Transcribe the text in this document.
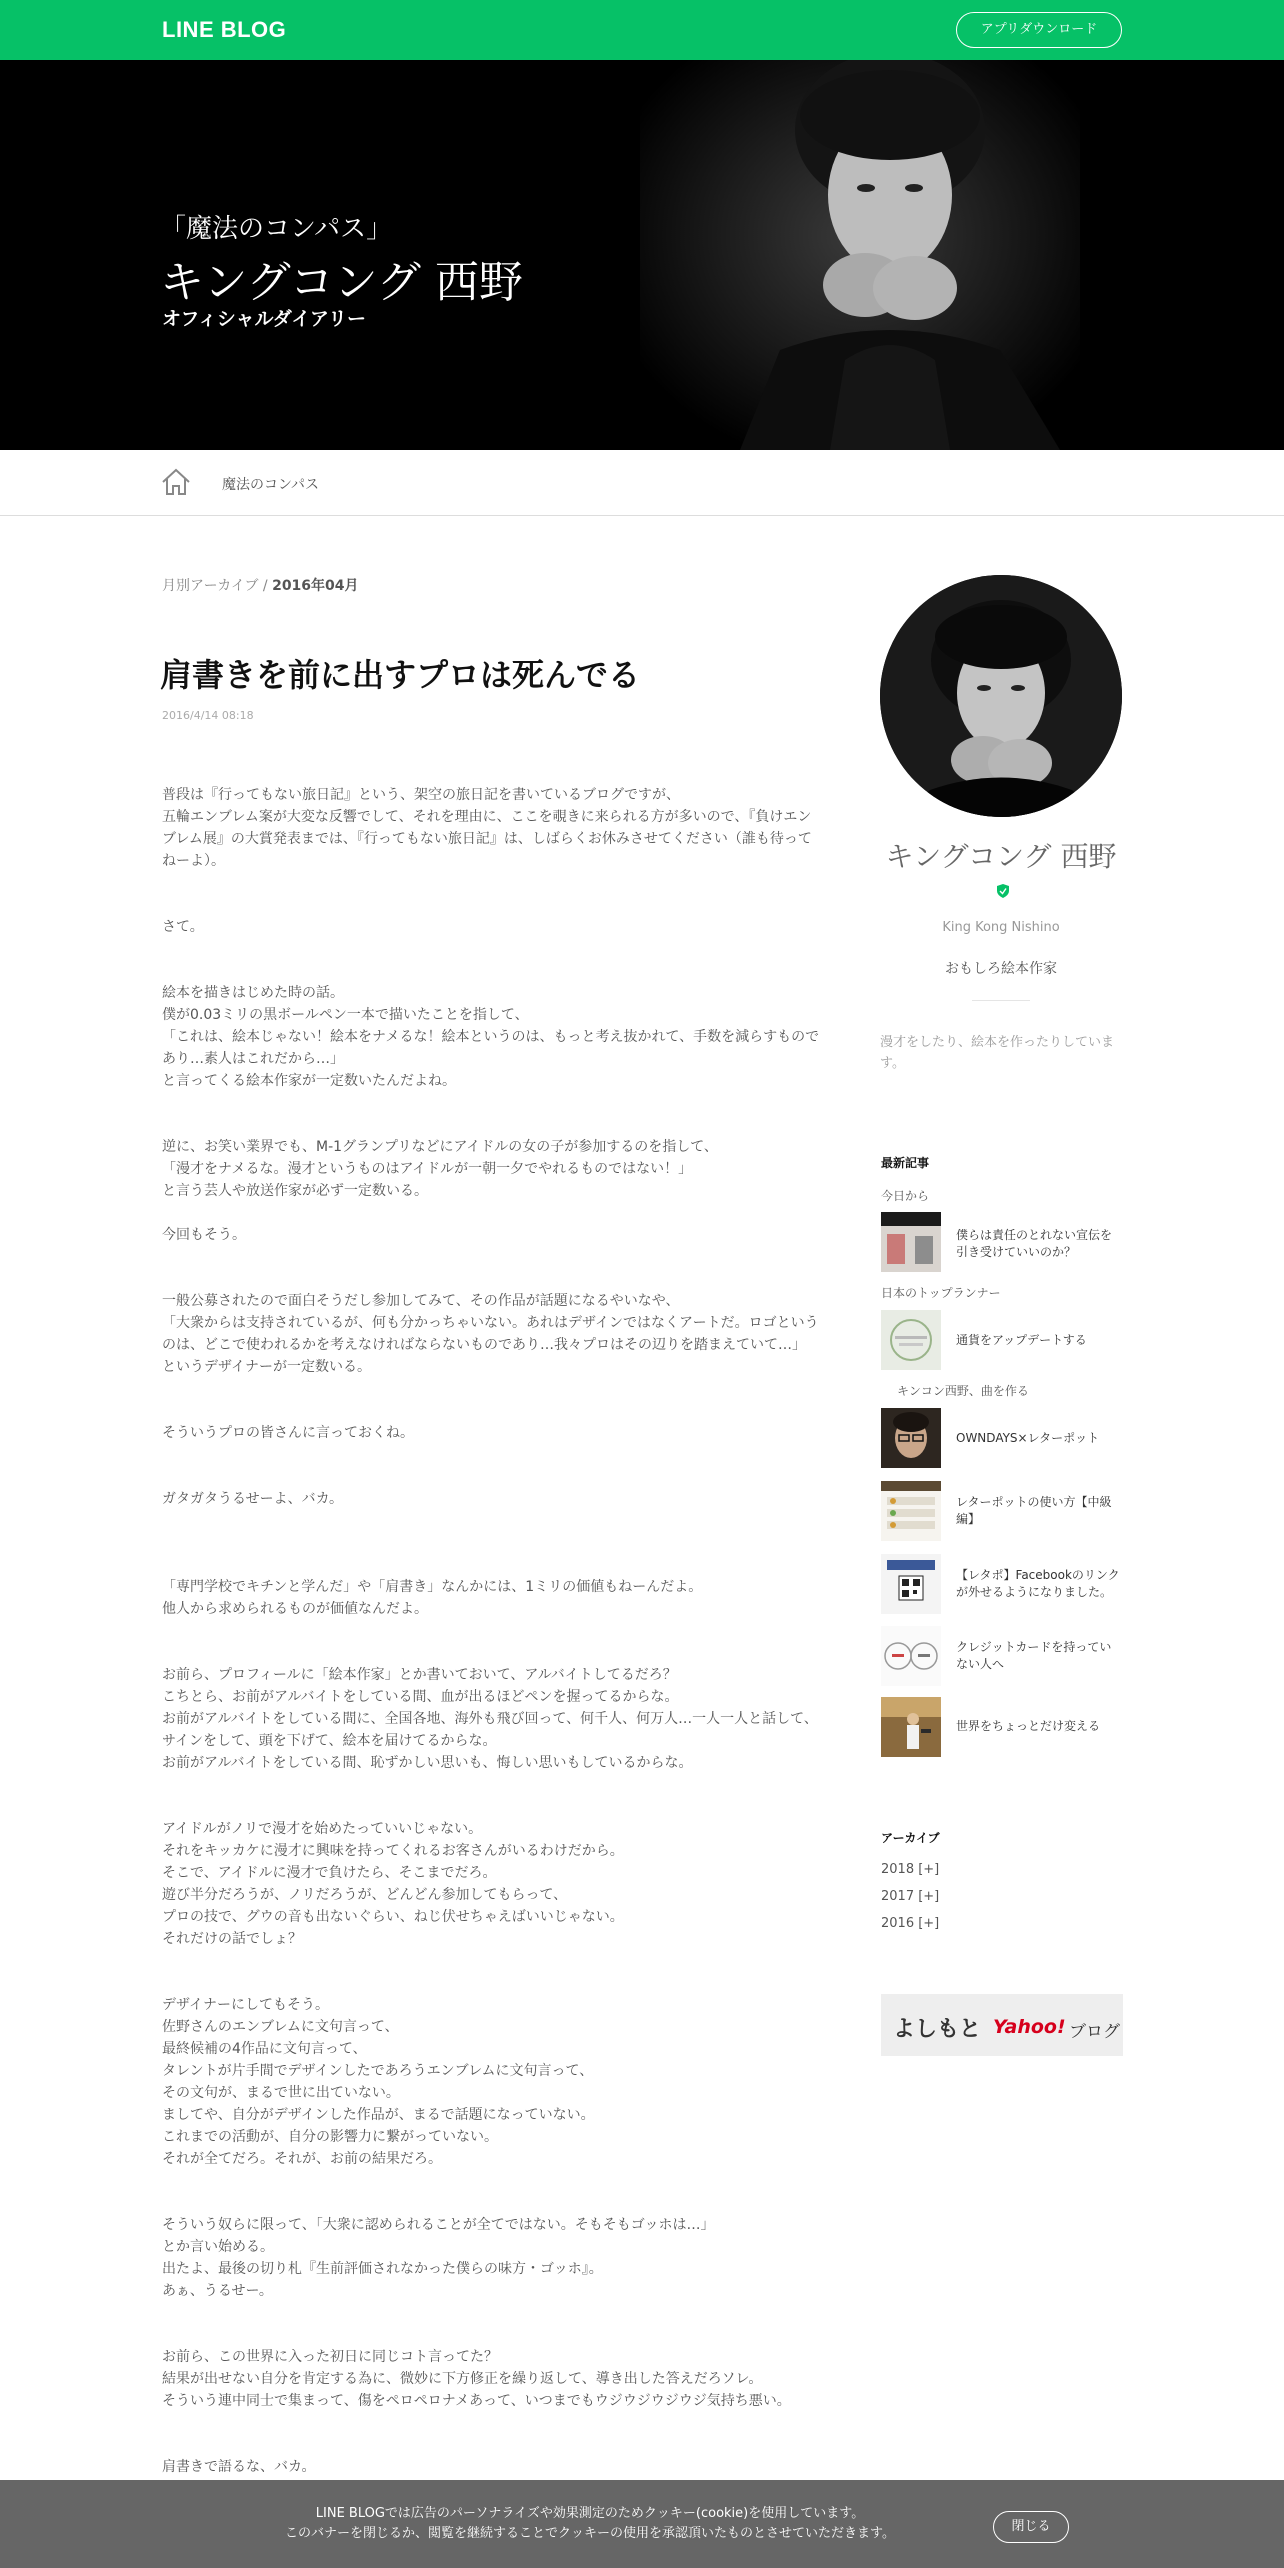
LINE BLOG	アプリダウンロード
「魔法のコンパス」
キングコング 西野
オフィシャルダイアリー
魔法のコンパス
月別アーカイブ / 2016年04月
肩書きを前に出すプロは死んでる
2016/4/14 08:18

普段は『行ってもない旅日記』という、架空の旅日記を書いているブログですが、

五輪エンブレム案が大変な反響でして、それを理由に、ここを覗きに来られる方が多いので、『負けエンブレム展』の大賞発表までは、『行ってもない旅日記』は、しばらくお休みさせてください（誰も待ってねーよ）。

さて。

絵本を描きはじめた時の話。

僕が0.03ミリの黒ボールペン一本で描いたことを指して、

「これは、絵本じゃない！絵本をナメるな！絵本というのは、もっと考え抜かれて、手数を減らすものであり…素人はこれだから…」

と言ってくる絵本作家が一定数いたんだよね。

逆に、お笑い業界でも、M-1グランプリなどにアイドルの女の子が参加するのを指して、

「漫才をナメるな。漫才というものはアイドルが一朝一夕でやれるものではない！」

と言う芸人や放送作家が必ず一定数いる。

今回もそう。

一般公募されたので面白そうだし参加してみて、その作品が話題になるやいなや、

「大衆からは支持されているが、何も分かっちゃいない。あれはデザインではなくアートだ。ロゴというのは、どこで使われるかを考えなければならないものであり…我々プロはその辺りを踏まえていて…」

というデザイナーが一定数いる。

そういうプロの皆さんに言っておくね。

ガタガタうるせーよ、バカ。

「専門学校でキチンと学んだ」や「肩書き」なんかには、1ミリの価値もねーんだよ。

他人から求められるものが価値なんだよ。

お前ら、プロフィールに「絵本作家」とか書いておいて、アルバイトしてるだろ？

こちとら、お前がアルバイトをしている間、血が出るほどペンを握ってるからな。

お前がアルバイトをしている間に、全国各地、海外も飛び回って、何千人、何万人…一人一人と話して、サインをして、頭を下げて、絵本を届けてるからな。

お前がアルバイトをしている間、恥ずかしい思いも、悔しい思いもしているからな。

アイドルがノリで漫才を始めたっていいじゃない。

それをキッカケに漫才に興味を持ってくれるお客さんがいるわけだから。

そこで、アイドルに漫才で負けたら、そこまでだろ。

遊び半分だろうが、ノリだろうが、どんどん参加してもらって、

プロの技で、グウの音も出ないぐらい、ねじ伏せちゃえばいいじゃない。

それだけの話でしょ？

デザイナーにしてもそう。

佐野さんのエンブレムに文句言って、

最終候補の4作品に文句言って、

タレントが片手間でデザインしたであろうエンブレムに文句言って、

その文句が、まるで世に出ていない。

ましてや、自分がデザインした作品が、まるで話題になっていない。

これまでの活動が、自分の影響力に繋がっていない。

それが全てだろ。それが、お前の結果だろ。

そういう奴らに限って、「大衆に認められることが全てではない。そもそもゴッホは…」

とか言い始める。

出たよ、最後の切り札『生前評価されなかった僕らの味方・ゴッホ』。

あぁ、うるせー。

お前ら、この世界に入った初日に同じコト言ってた？

結果が出せない自分を肯定する為に、微妙に下方修正を繰り返して、導き出した答えだろソレ。

そういう連中同士で集まって、傷をペロペロナメあって、いつまでもウジウジウジウジ気持ち悪い。

肩書きで語るな、バカ。

キングコング 西野
King Kong Nishino
おもしろ絵本作家
漫才をしたり、絵本を作ったりしています。
最新記事
今日から
僕らは責任のとれない宣伝を引き受けていいのか？
日本のトップランナー
通貨をアップデートする
キンコン西野、曲を作る
OWNDAYS×レターポット
レターポットの使い方【中級編】
【レタポ】Facebookのリンクが外せるようになりました。
クレジットカードを持っていない人へ
世界をちょっとだけ変える
アーカイブ
2018 [+]
2017 [+]
2016 [+]
よしもと Yahoo! ブログ
LINE BLOGでは広告のパーソナライズや効果測定のためクッキー(cookie)を使用しています。
このバナーを閉じるか、閲覧を継続することでクッキーの使用を承認頂いたものとさせていただきます。	閉じる
